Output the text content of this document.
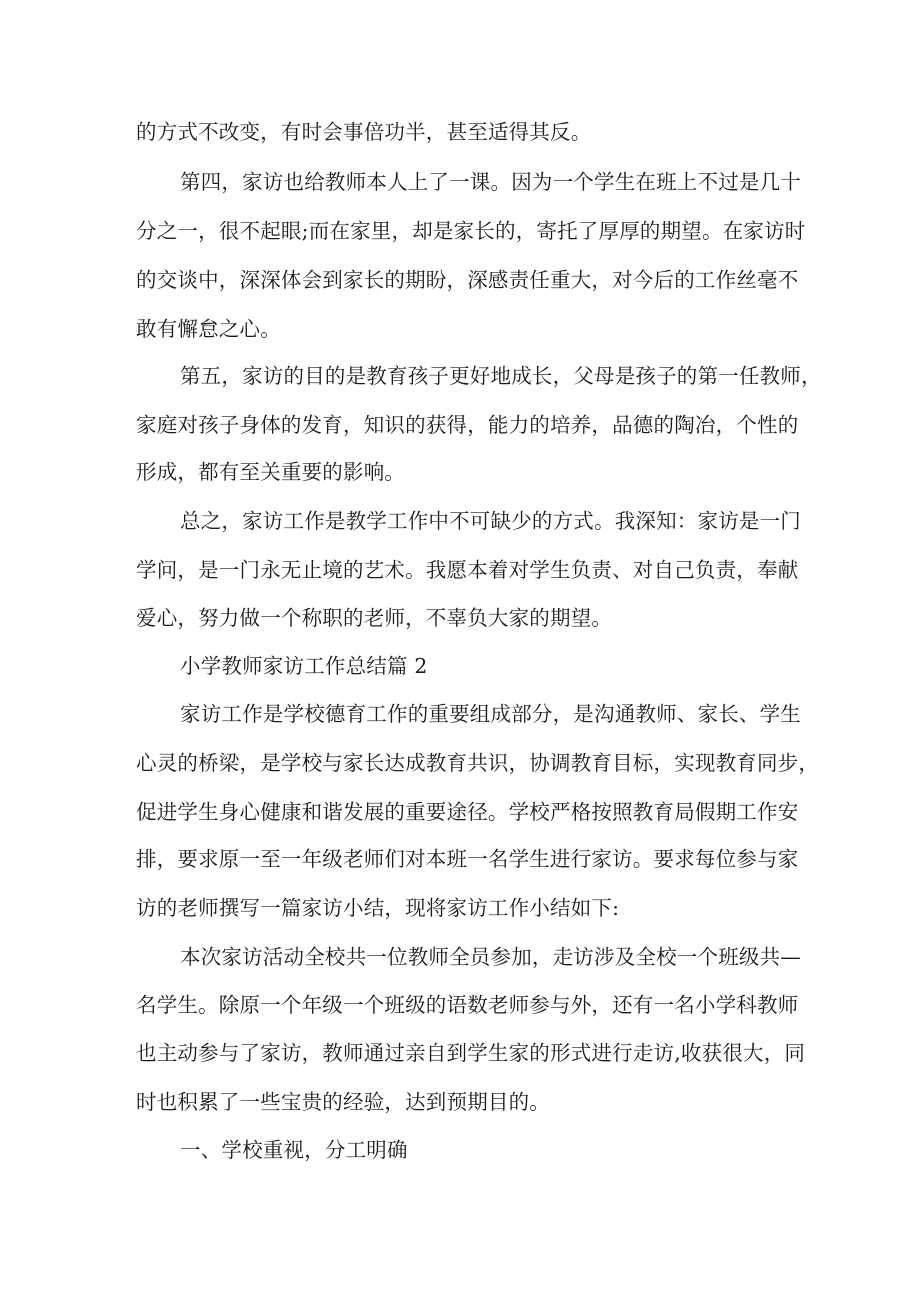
的方式不改变，有时会事倍功半，甚至适得其反。
第四，家访也给教师本人上了一课。因为一个学生在班上不过是几十
分之一，很不起眼;而在家里，却是家长的，寄托了厚厚的期望。在家访时
的交谈中，深深体会到家长的期盼，深感责任重大，对今后的工作丝毫不
敢有懈怠之心。
第五，家访的目的是教育孩子更好地成长，父母是孩子的第一任教师，
家庭对孩子身体的发育，知识的获得，能力的培养，品德的陶冶，个性的
形成，都有至关重要的影响。
总之，家访工作是教学工作中不可缺少的方式。我深知：家访是一门
学问，是一门永无止境的艺术。我愿本着对学生负责、对自己负责，奉献
爱心，努力做一个称职的老师，不辜负大家的期望。
小学教师家访工作总结篇 2
家访工作是学校德育工作的重要组成部分，是沟通教师、家长、学生
心灵的桥梁，是学校与家长达成教育共识，协调教育目标，实现教育同步，
促进学生身心健康和谐发展的重要途径。学校严格按照教育局假期工作安
排，要求原一至一年级老师们对本班一名学生进行家访。要求每位参与家
访的老师撰写一篇家访小结，现将家访工作小结如下:
本次家访活动全校共一位教师全员参加，走访涉及全校一个班级共—
名学生。除原一个年级一个班级的语数老师参与外，还有一名小学科教师
也主动参与了家访，教师通过亲自到学生家的形式进行走访,收获很大，同
时也积累了一些宝贵的经验，达到预期目的。
一、学校重视，分工明确
